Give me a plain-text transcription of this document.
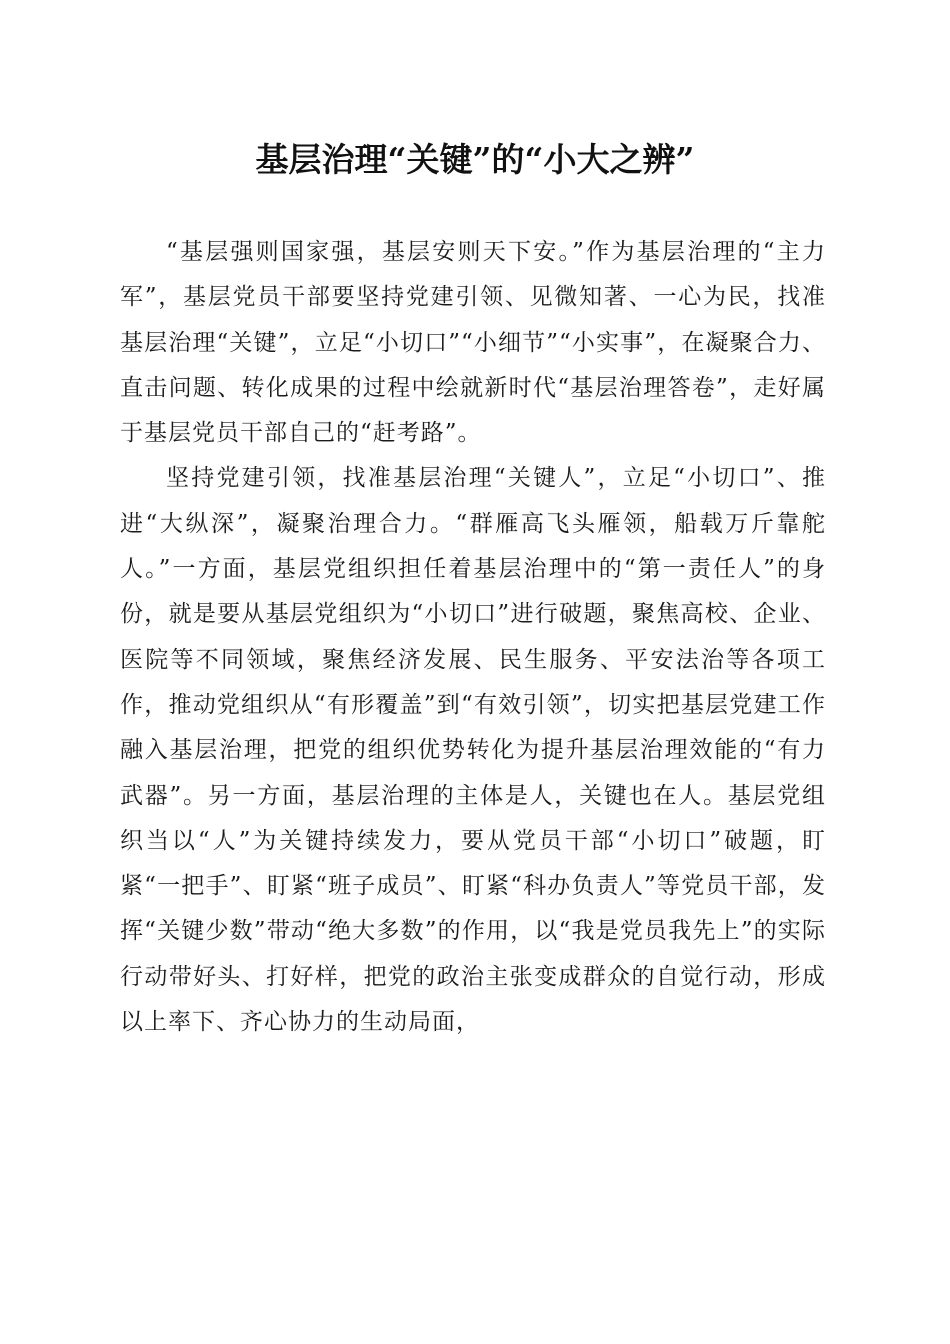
基层治理“关键”的“小大之辨”

“基层强则国家强，基层安则天下安。”作为基层治理的“主力军”，基层党员干部要坚持党建引领、见微知著、一心为民，找准基层治理“关键”，立足“小切口”“小细节”“小实事”，在凝聚合力、直击问题、转化成果的过程中绘就新时代“基层治理答卷”，走好属于基层党员干部自己的“赶考路”。

坚持党建引领，找准基层治理“关键人”，立足“小切口”、推进“大纵深”，凝聚治理合力。“群雁高飞头雁领，船载万斤靠舵人。”一方面，基层党组织担任着基层治理中的“第一责任人”的身份，就是要从基层党组织为“小切口”进行破题，聚焦高校、企业、医院等不同领域，聚焦经济发展、民生服务、平安法治等各项工作，推动党组织从“有形覆盖”到“有效引领”，切实把基层党建工作融入基层治理，把党的组织优势转化为提升基层治理效能的“有力武器”。另一方面，基层治理的主体是人，关键也在人。基层党组织当以“人”为关键持续发力，要从党员干部“小切口”破题，盯紧“一把手”、盯紧“班子成员”、盯紧“科办负责人”等党员干部，发挥“关键少数”带动“绝大多数”的作用，以“我是党员我先上”的实际行动带好头、打好样，把党的政治主张变成群众的自觉行动，形成以上率下、齐心协力的生动局面，
